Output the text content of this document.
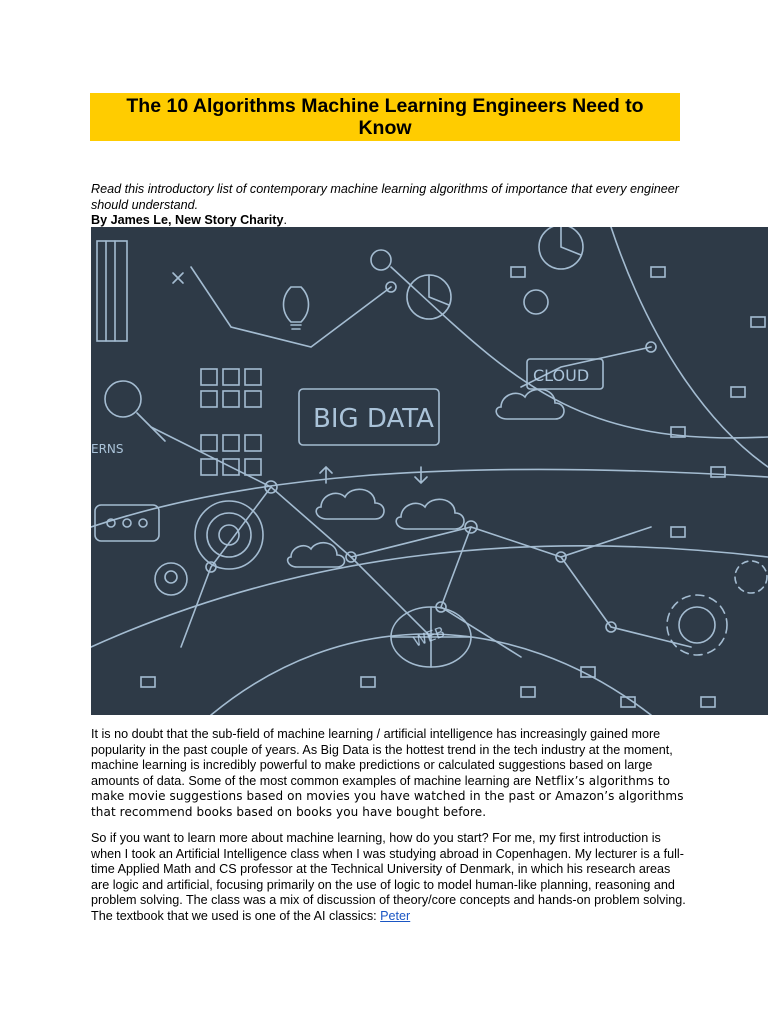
The 10 Algorithms Machine Learning Engineers Need to Know

Read this introductory list of contemporary machine learning algorithms of importance that every engineer should understand.

By James Le, New Story Charity.

BIG DATA
CLOUD
WEB
ERNS

It is no doubt that the sub-field of machine learning / artificial intelligence has increasingly gained more popularity in the past couple of years. As Big Data is the hottest trend in the tech industry at the moment, machine learning is incredibly powerful to make predictions or calculated suggestions based on large amounts of data. Some of the most common examples of machine learning are Netflix’s algorithms to make movie suggestions based on movies you have watched in the past or Amazon’s algorithms that recommend books based on books you have bought before.

So if you want to learn more about machine learning, how do you start? For me, my first introduction is when I took an Artificial Intelligence class when I was studying abroad in Copenhagen. My lecturer is a full-time Applied Math and CS professor at the Technical University of Denmark, in which his research areas are logic and artificial, focusing primarily on the use of logic to model human-like planning, reasoning and problem solving. The class was a mix of discussion of theory/core concepts and hands-on problem solving. The textbook that we used is one of the AI classics: Peter
